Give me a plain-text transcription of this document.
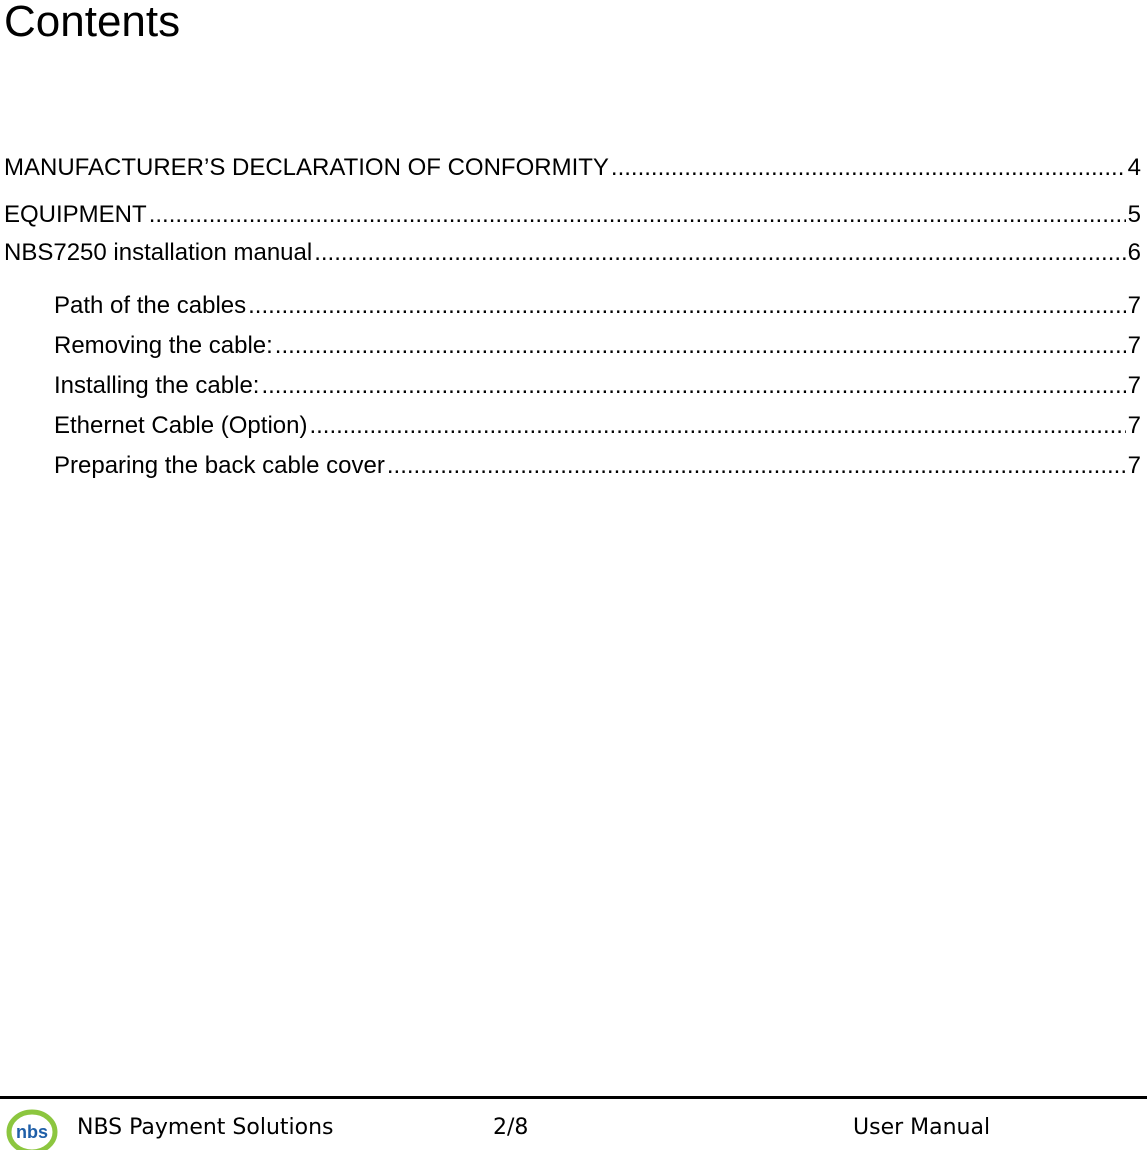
Contents
MANUFACTURER’S DECLARATION OF CONFORMITY .....	4
EQUIPMENT .....	5
NBS7250 installation manual .....	6
Path of the cables .....	7
Removing the cable: .....	7
Installing the cable: .....	7
Ethernet Cable (Option) .....	7
Preparing the back cable cover .....	7
nbs NBS Payment Solutions	2/8	User Manual
